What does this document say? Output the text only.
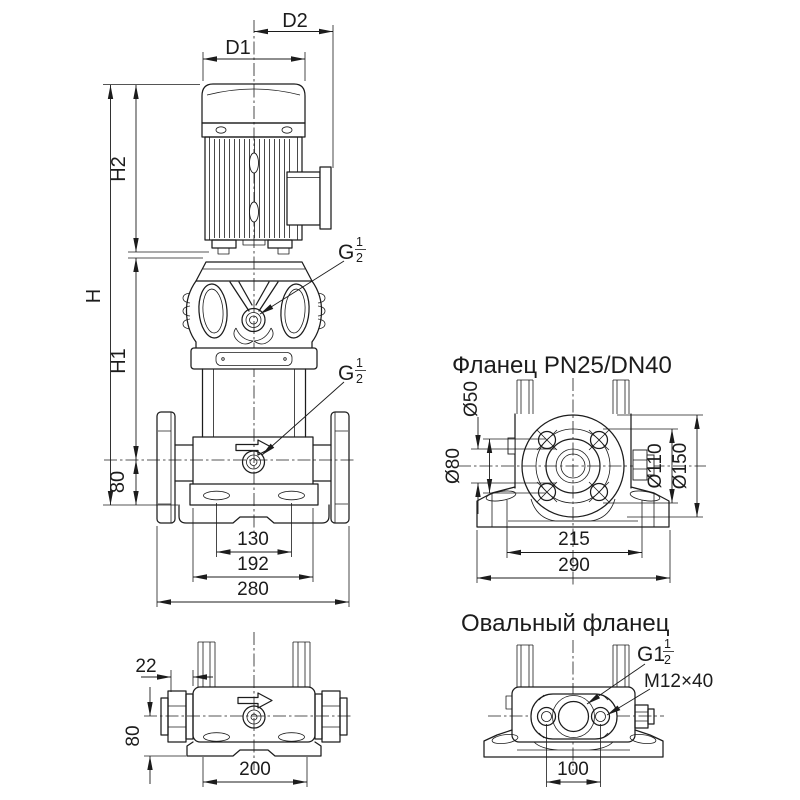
D1
D2
H
H2
H1
80
130
192
280
G 1
2
G 1
2	Фланец PN25/DN40
Ø50
Ø80	Ø110 Ø150
215
290
22
80
200
Овальный фланец
G1
1
2
M12×40
100
